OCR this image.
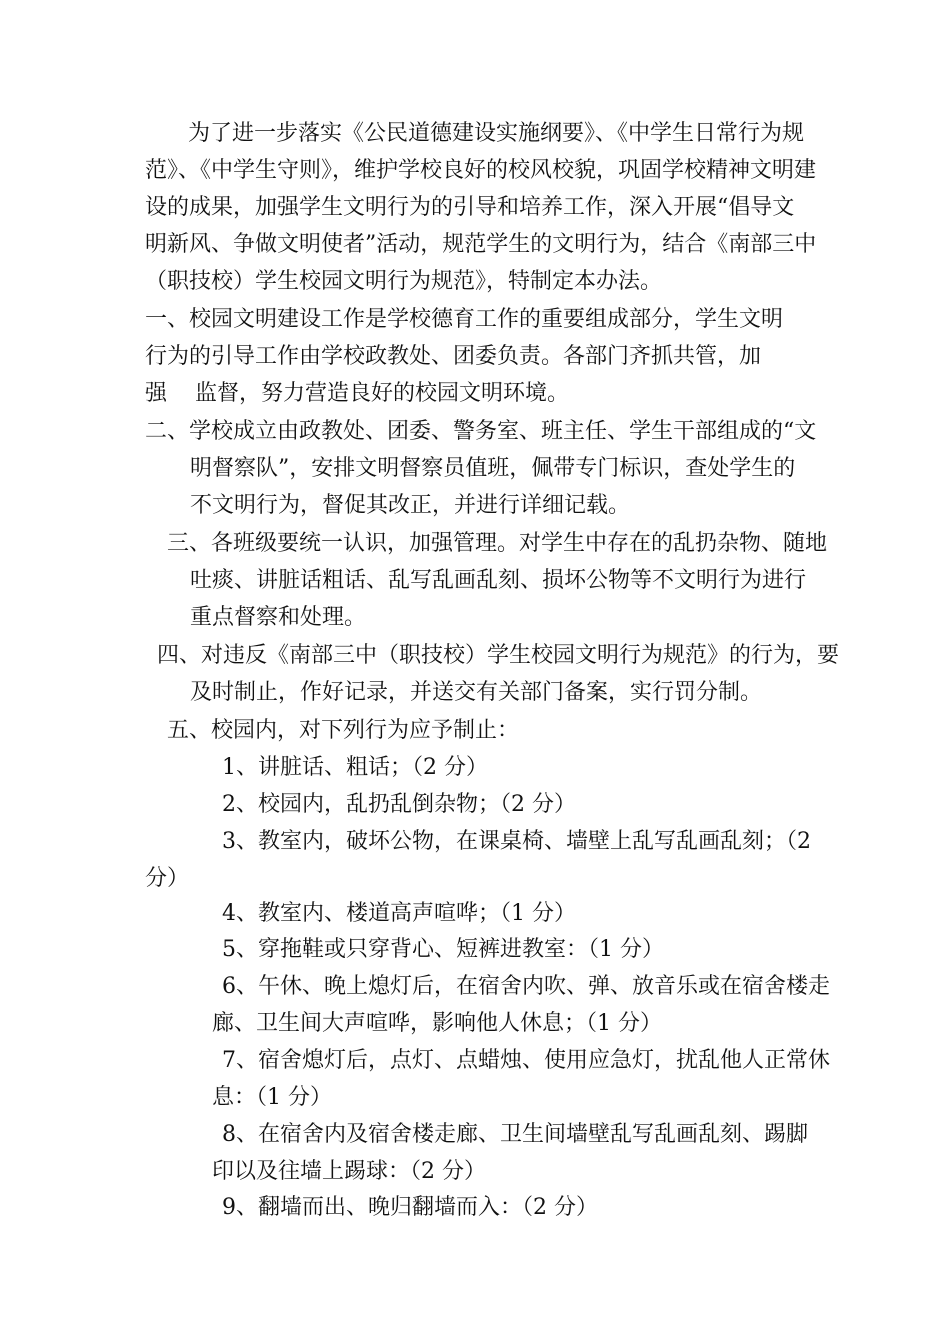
为了进一步落实《公民道德建设实施纲要》、《中学生日常行为规
范》、《中学生守则》，维护学校良好的校风校貌，巩固学校精神文明建
设的成果，加强学生文明行为的引导和培养工作，深入开展“倡导文
明新风、争做文明使者”活动，规范学生的文明行为，结合《南部三中
（职技校）学生校园文明行为规范》，特制定本办法。
一、校园文明建设工作是学校德育工作的重要组成部分，学生文明
行为的引导工作由学校政教处、团委负责。各部门齐抓共管，加
强    监督，努力营造良好的校园文明环境。
二、学校成立由政教处、团委、警务室、班主任、学生干部组成的“文
明督察队”，安排文明督察员值班，佩带专门标识，查处学生的
不文明行为，督促其改正，并进行详细记载。
三、各班级要统一认识，加强管理。对学生中存在的乱扔杂物、随地
吐痰、讲脏话粗话、乱写乱画乱刻、损坏公物等不文明行为进行
重点督察和处理。
四、对违反《南部三中（职技校）学生校园文明行为规范》的行为，要
及时制止，作好记录，并送交有关部门备案，实行罚分制。
五、校园内，对下列行为应予制止：
1、讲脏话、粗话；（2 分）
2、校园内，乱扔乱倒杂物；（2 分）
3、教室内，破坏公物，在课桌椅、墙壁上乱写乱画乱刻；（2
分）
4、教室内、楼道高声喧哗；（1 分）
5、穿拖鞋或只穿背心、短裤进教室：（1 分）
6、午休、晚上熄灯后，在宿舍内吹、弹、放音乐或在宿舍楼走
廊、卫生间大声喧哗，影响他人休息；（1 分）
7、宿舍熄灯后，点灯、点蜡烛、使用应急灯，扰乱他人正常休
息：（1 分）
8、在宿舍内及宿舍楼走廊、卫生间墙壁乱写乱画乱刻、踢脚
印以及往墙上踢球：（2 分）
9、翻墙而出、晚归翻墙而入：（2 分）
